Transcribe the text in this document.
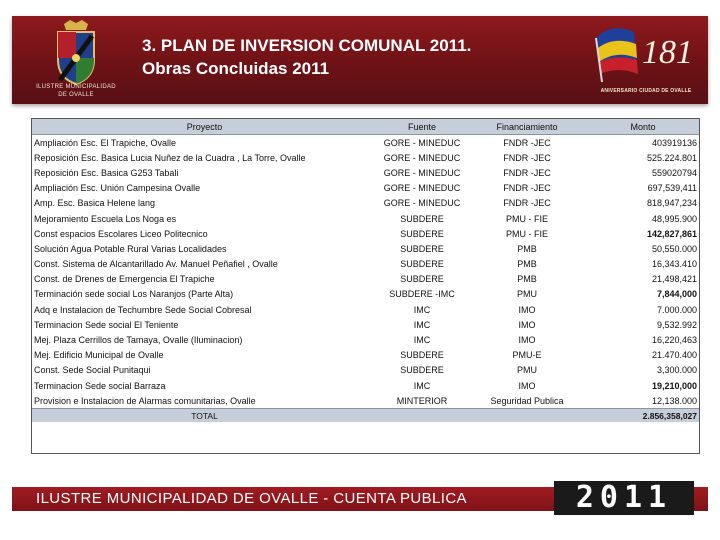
ILUSTRE MUNICIPALIDAD
DE OVALLE
3. PLAN DE INVERSION COMUNAL 2011.
Obras Concluidas 2011	181
ANIVERSARIO CIUDAD DE OVALLE
Proyecto	Fuente	Financiamiento	Monto
Ampliación Esc. El Trapiche, Ovalle	GORE - MINEDUC	FNDR -JEC	403919136
Reposición Esc. Basica Lucia Nuñez de la Cuadra , La Torre, Ovalle	GORE - MINEDUC	FNDR -JEC	525.224.801
Reposición Esc. Basica G253 Tabali	GORE - MINEDUC	FNDR -JEC	559020794
Ampliación Esc. Unión Campesina Ovalle	GORE - MINEDUC	FNDR -JEC	697,539,411
Amp. Esc. Basica Helene lang	GORE - MINEDUC	FNDR -JEC	818,947,234
Mejoramiento Escuela Los Noga es	SUBDERE	PMU - FIE	48,995.900
Const espacios Escolares Liceo Politecnico	SUBDERE	PMU - FIE	142,827,861
Solución Agua Potable Rural Varias Localidades	SUBDERE	PMB	50,550.000
Const. Sistema de Alcantarillado Av. Manuel Peñafiel , Ovalle	SUBDERE	PMB	16,343.410
Const. de Drenes de Emergencia El Trapiche	SUBDERE	PMB	21,498,421
Terminación sede social Los Naranjos (Parte Alta)	SUBDERE -IMC	PMU	7,844,000
Adq e Instalacion de Techumbre Sede Social Cobresal	IMC	IMO	7.000.000
Terminacion Sede social El Teniente	IMC	IMO	9,532.992
Mej. Plaza Cerrillos de Tamaya, Ovalle (Iluminacion)	IMC	IMO	16,220,463
Mej. Edificio Municipal de Ovalle	SUBDERE	PMU-E	21.470.400
Const. Sede Social Punitaqui	SUBDERE	PMU	3,300.000
Terminacion Sede social Barraza	IMC	IMO	19,210,000
Provision e Instalacion de Alarmas comunitarias, Ovalle	MINTERIOR	Seguridad Publica	12,138.000
TOTAL			2.856,358,027
ILUSTRE MUNICIPALIDAD DE OVALLE - CUENTA PUBLICA	2011
